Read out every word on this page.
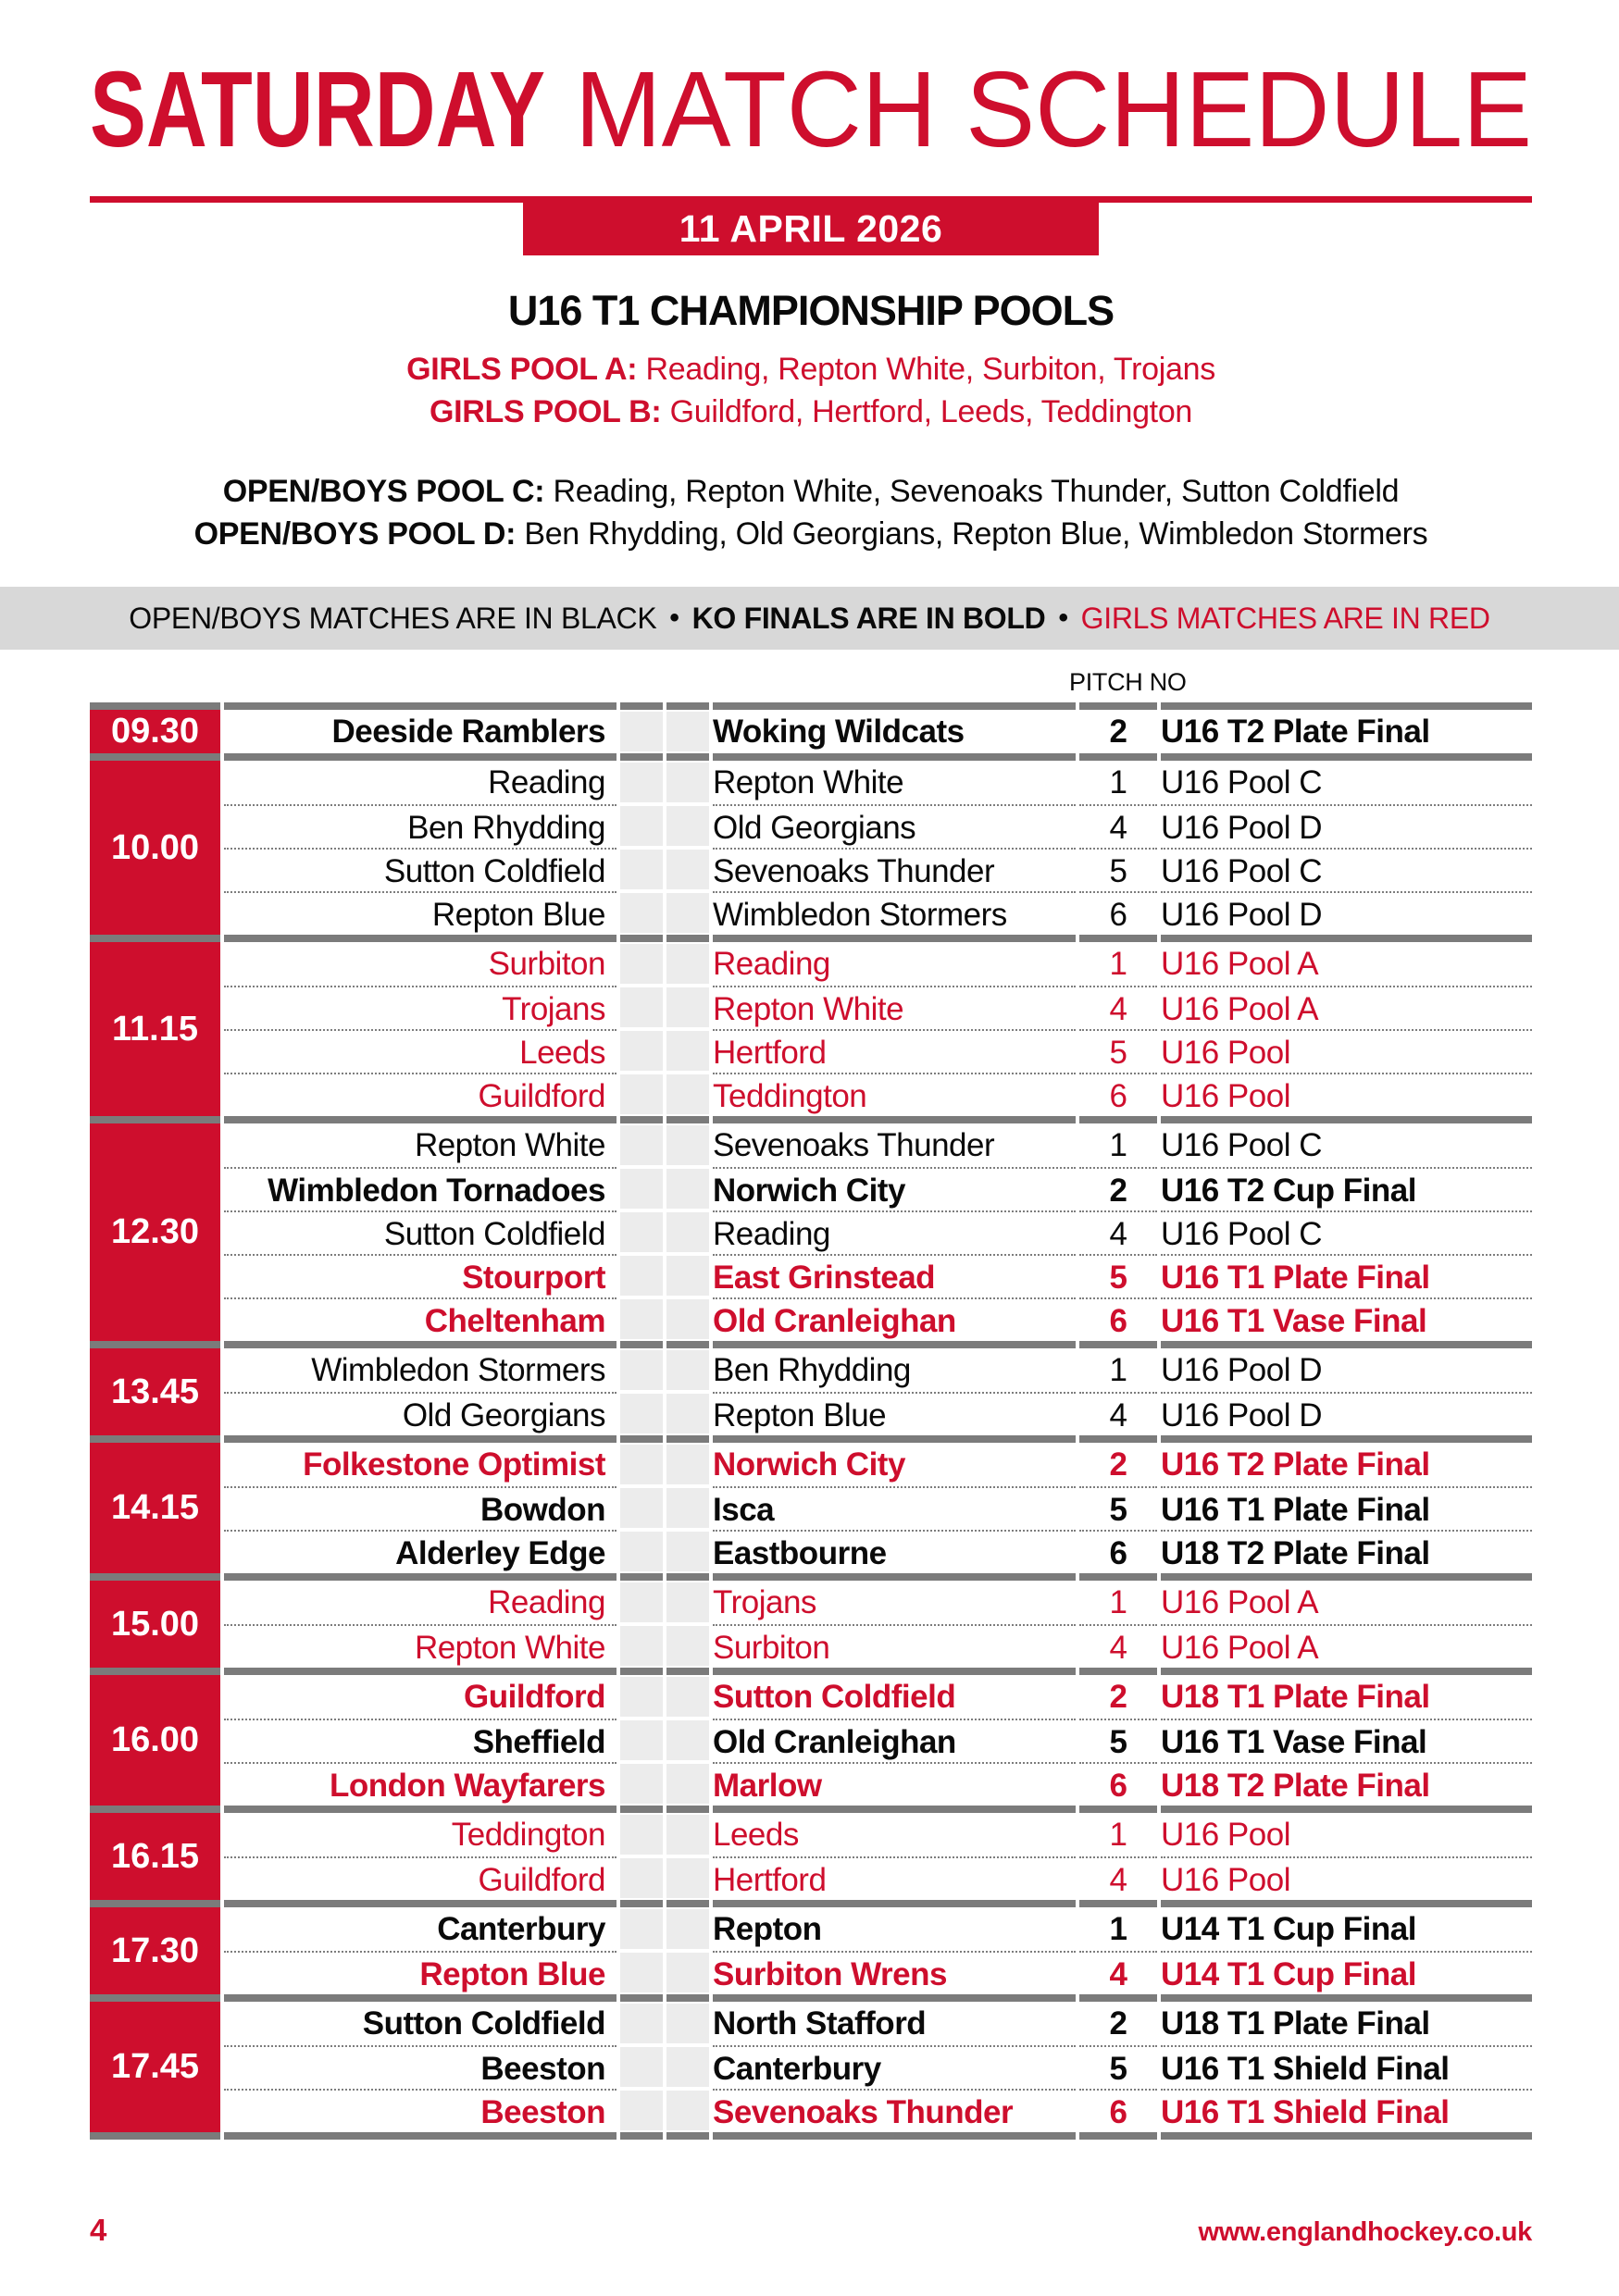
SATURDAY MATCH SCHEDULE
11 APRIL 2026
U16 T1 CHAMPIONSHIP POOLS
GIRLS POOL A: Reading, Repton White, Surbiton, Trojans
GIRLS POOL B: Guildford, Hertford, Leeds, Teddington
OPEN/BOYS POOL C: Reading, Repton White, Sevenoaks Thunder, Sutton Coldfield
OPEN/BOYS POOL D: Ben Rhydding, Old Georgians, Repton Blue, Wimbledon Stormers
OPEN/BOYS MATCHES ARE IN BLACK • KO FINALS ARE IN BOLD • GIRLS MATCHES ARE IN RED
PITCH NO
09.30	Deeside Ramblers	Woking Wildcats	2	U16 T2 Plate Final
10.00
Reading	Repton White	1	U16 Pool C
Ben Rhydding	Old Georgians	4	U16 Pool D
Sutton Coldfield	Sevenoaks Thunder	5	U16 Pool C
Repton Blue	Wimbledon Stormers	6	U16 Pool D
11.15
Surbiton	Reading	1	U16 Pool A
Trojans	Repton White	4	U16 Pool A
Leeds	Hertford	5	U16 Pool
Guildford	Teddington	6	U16 Pool
12.30
Repton White	Sevenoaks Thunder	1	U16 Pool C
Wimbledon Tornadoes	Norwich City	2	U16 T2 Cup Final
Sutton Coldfield	Reading	4	U16 Pool C
Stourport	East Grinstead	5	U16 T1 Plate Final
Cheltenham	Old Cranleighan	6	U16 T1 Vase Final
13.45
Wimbledon Stormers	Ben Rhydding	1	U16 Pool D
Old Georgians	Repton Blue	4	U16 Pool D
14.15
Folkestone Optimist	Norwich City	2	U16 T2 Plate Final
Bowdon	Isca	5	U16 T1 Plate Final
Alderley Edge	Eastbourne	6	U18 T2 Plate Final
15.00
Reading	Trojans	1	U16 Pool A
Repton White	Surbiton	4	U16 Pool A
16.00
Guildford	Sutton Coldfield	2	U18 T1 Plate Final
Sheffield	Old Cranleighan	5	U16 T1 Vase Final
London Wayfarers	Marlow	6	U18 T2 Plate Final
16.15
Teddington	Leeds	1	U16 Pool
Guildford	Hertford	4	U16 Pool
17.30
Canterbury	Repton	1	U14 T1 Cup Final
Repton Blue	Surbiton Wrens	4	U14 T1 Cup Final
17.45
Sutton Coldfield	North Stafford	2	U18 T1 Plate Final
Beeston	Canterbury	5	U16 T1 Shield Final
Beeston	Sevenoaks Thunder	6	U16 T1 Shield Final
4	www.englandhockey.co.uk
